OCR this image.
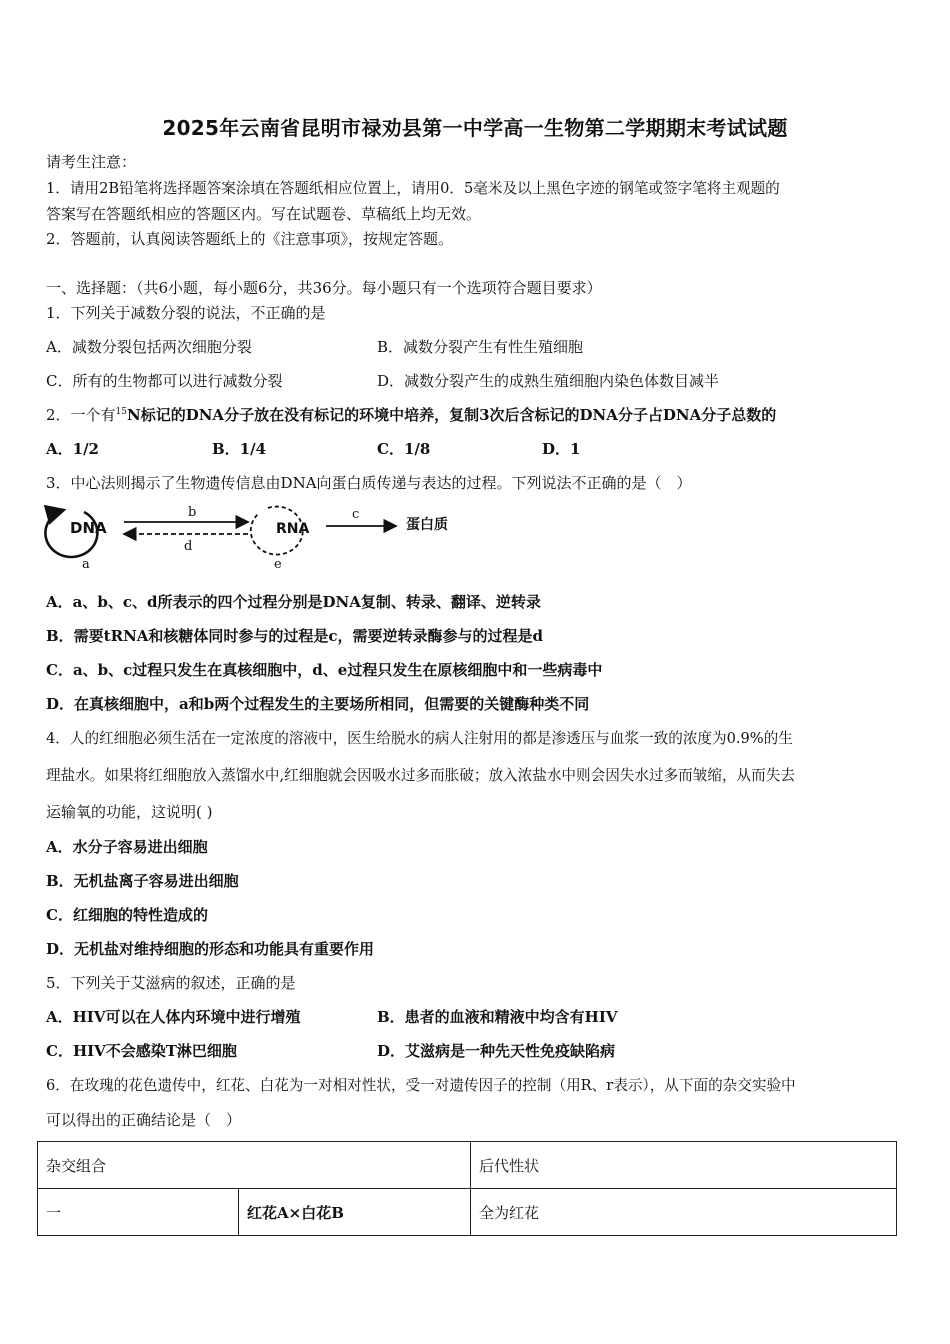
2025年云南省昆明市禄劝县第一中学高一生物第二学期期末考试试题
请考生注意：
1．请用2B铅笔将选择题答案涂填在答题纸相应位置上，请用0．5毫米及以上黑色字迹的钢笔或签字笔将主观题的
答案写在答题纸相应的答题区内。写在试题卷、草稿纸上均无效。
2．答题前，认真阅读答题纸上的《注意事项》，按规定答题。
一、选择题：（共6小题，每小题6分，共36分。每小题只有一个选项符合题目要求）
1．下列关于减数分裂的说法，不正确的是
A．减数分裂包括两次细胞分裂	B．减数分裂产生有性生殖细胞
C．所有的生物都可以进行减数分裂	D．减数分裂产生的成熟生殖细胞内染色体数目减半
2．一个有$^{15}$N标记的DNA分子放在没有标记的环境中培养，复制3次后含标记的DNA分子占DNA分子总数的
A．1/2	B．1/4	C．1/8	D．1
3．中心法则揭示了生物遗传信息由DNA向蛋白质传递与表达的过程。下列说法不正确的是（　）
DNA
a
b
d
RNA
e
c
蛋白质
A．a、b、c、d所表示的四个过程分别是DNA复制、转录、翻译、逆转录
B．需要tRNA和核糖体同时参与的过程是c，需要逆转录酶参与的过程是d
C．a、b、c过程只发生在真核细胞中，d、e过程只发生在原核细胞中和一些病毒中
D．在真核细胞中，a和b两个过程发生的主要场所相同，但需要的关键酶种类不同
4．人的红细胞必须生活在一定浓度的溶液中，医生给脱水的病人注射用的都是渗透压与血浆一致的浓度为0.9%的生
理盐水。如果将红细胞放入蒸馏水中,红细胞就会因吸水过多而胀破；放入浓盐水中则会因失水过多而皱缩，从而失去
运输氧的功能，这说明( )
A．水分子容易进出细胞
B．无机盐离子容易进出细胞
C．红细胞的特性造成的
D．无机盐对维持细胞的形态和功能具有重要作用
5．下列关于艾滋病的叙述，正确的是
A．HIV可以在人体内环境中进行增殖	B．患者的血液和精液中均含有HIV
C．HIV不会感染T淋巴细胞	D．艾滋病是一种先天性免疫缺陷病
6．在玫瑰的花色遗传中，红花、白花为一对相对性状，受一对遗传因子的控制（用R、r表示），从下面的杂交实验中
可以得出的正确结论是（　）
杂交组合		后代性状
一	红花A×白花B	全为红花
